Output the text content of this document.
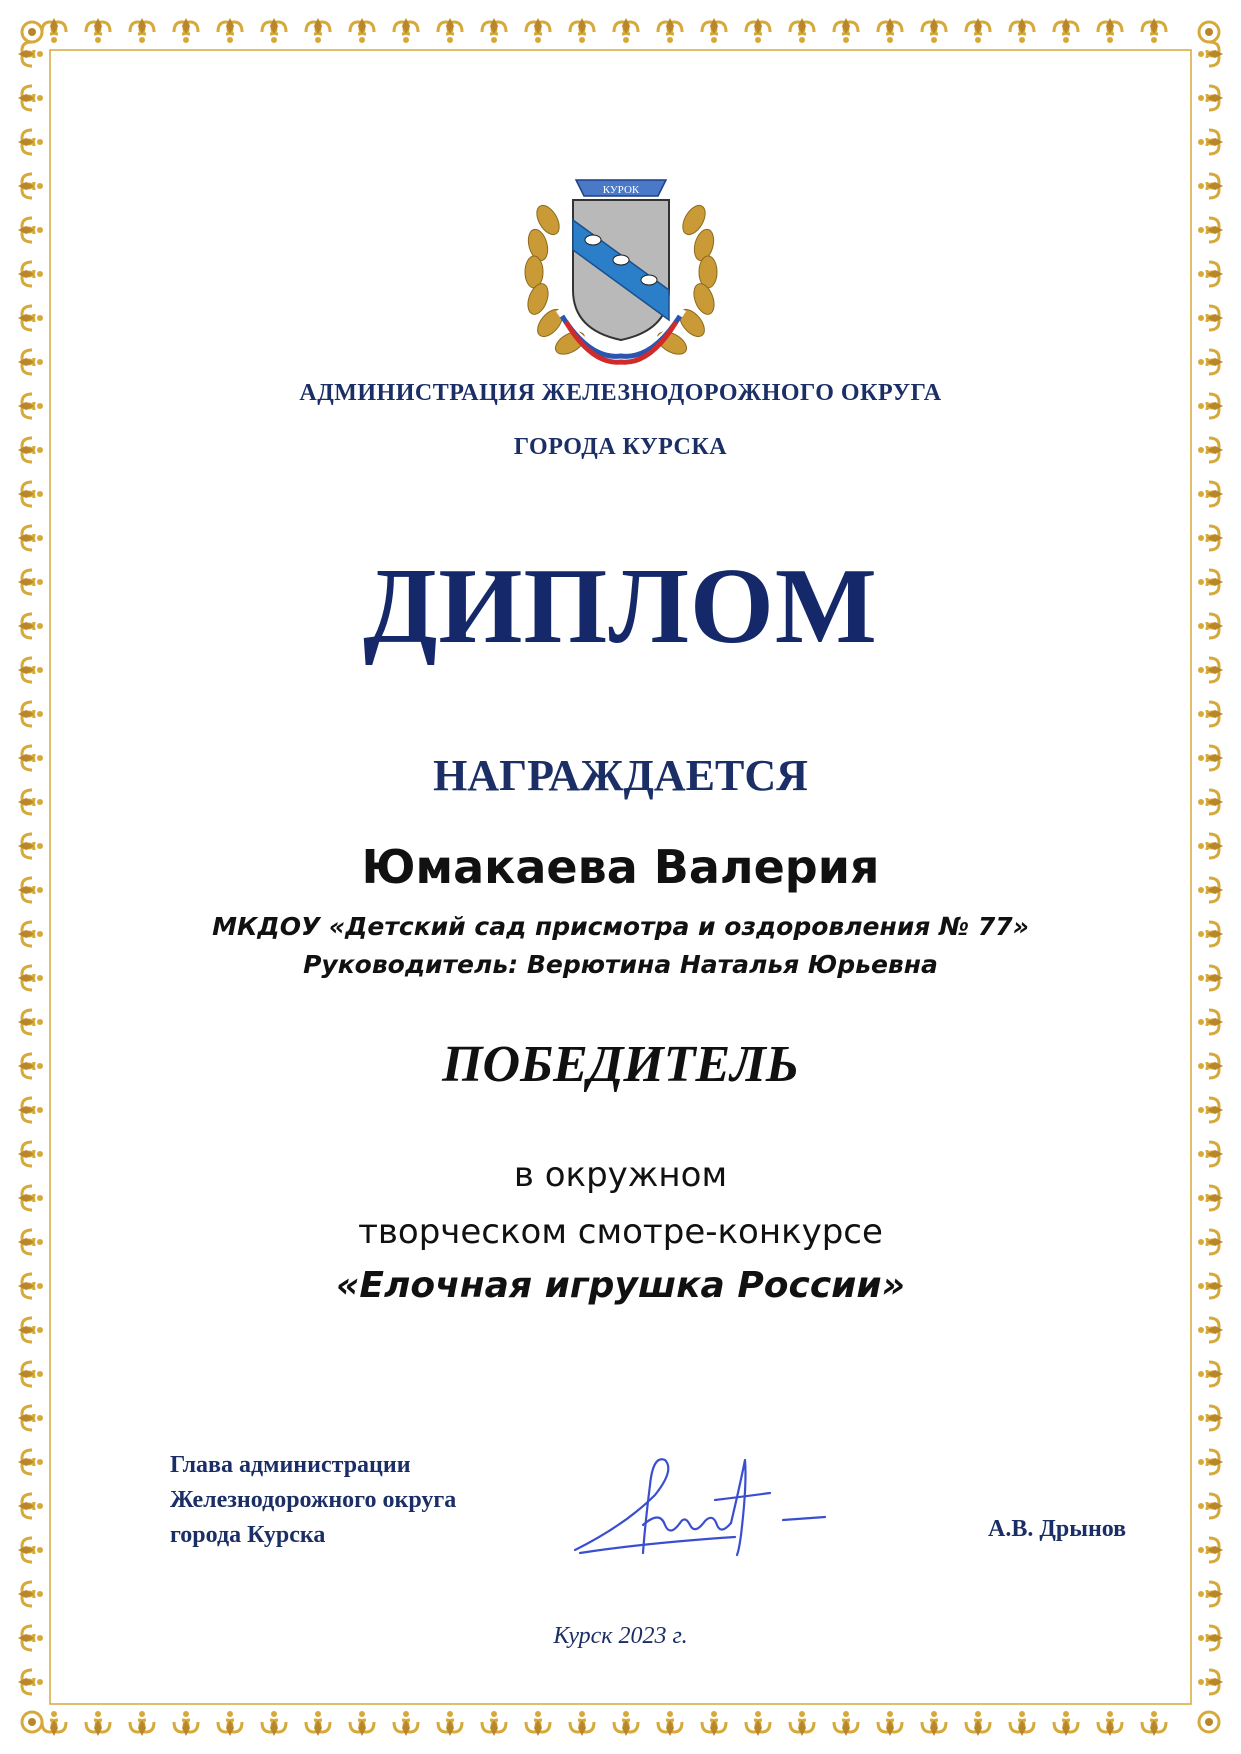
КУРОК
АДМИНИСТРАЦИЯ ЖЕЛЕЗНОДОРОЖНОГО ОКРУГА
ГОРОДА КУРСКА
ДИПЛОМ
НАГРАЖДАЕТСЯ
Юмакаева Валерия
МКДОУ «Детский сад присмотра и оздоровления № 77»
Руководитель: Верютина Наталья Юрьевна
ПОБЕДИТЕЛЬ
в окружном
творческом смотре-конкурсе
«Елочная игрушка России»
Глава администрации
Железнодорожного округа
города Курска	А.В. Дрынов
Курск 2023 г.
